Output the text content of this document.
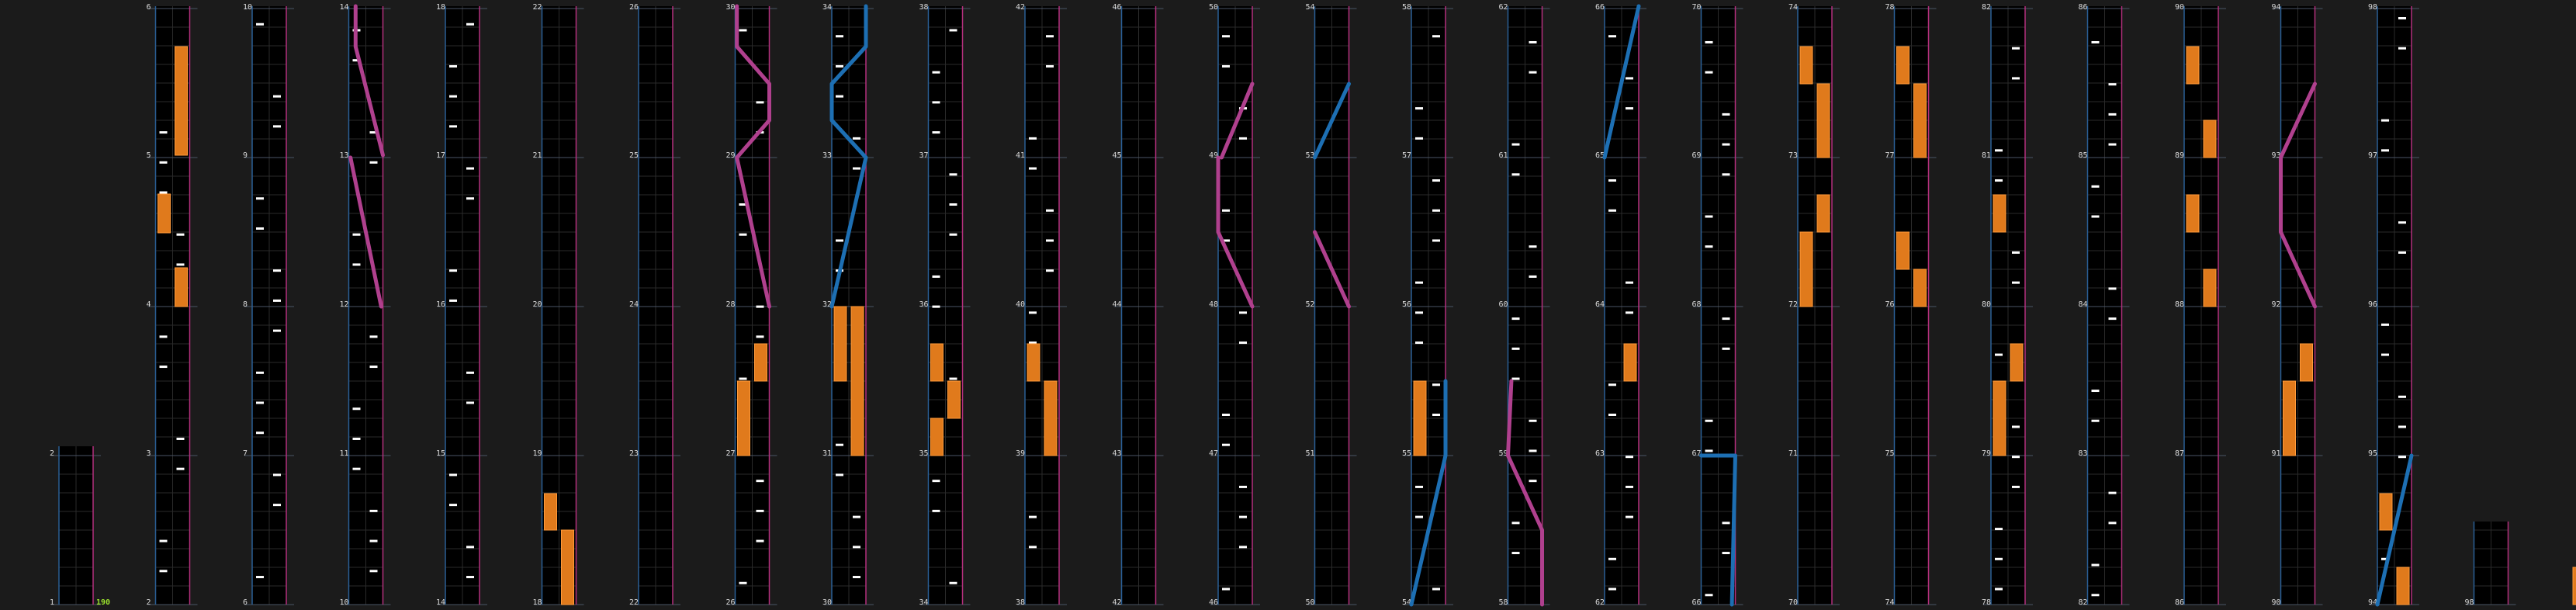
1
2
2
3
4
5
6
6
7
8
9
10
10
11
12
13
14
14
15
16
17
18
18
19
20
21
22
22
23
24
25
26
26
27
28
29
30
30
31
32
33
34
34
35
36
37
38
38
39
40
41
42
42
43
44
45
46
46
47
48
49
50
50
51
52
53
54
54
55
56
57
58
58
59
60
61
62
62
63
64
65
66
66
67
68
69
70
70
71
72
73
74
74
75
76
77
78
78
79
80
81
82
82
83
84
85
86
86
87
88
89
90
90
91
92
93
94
94
95
96
97
98
98
190
